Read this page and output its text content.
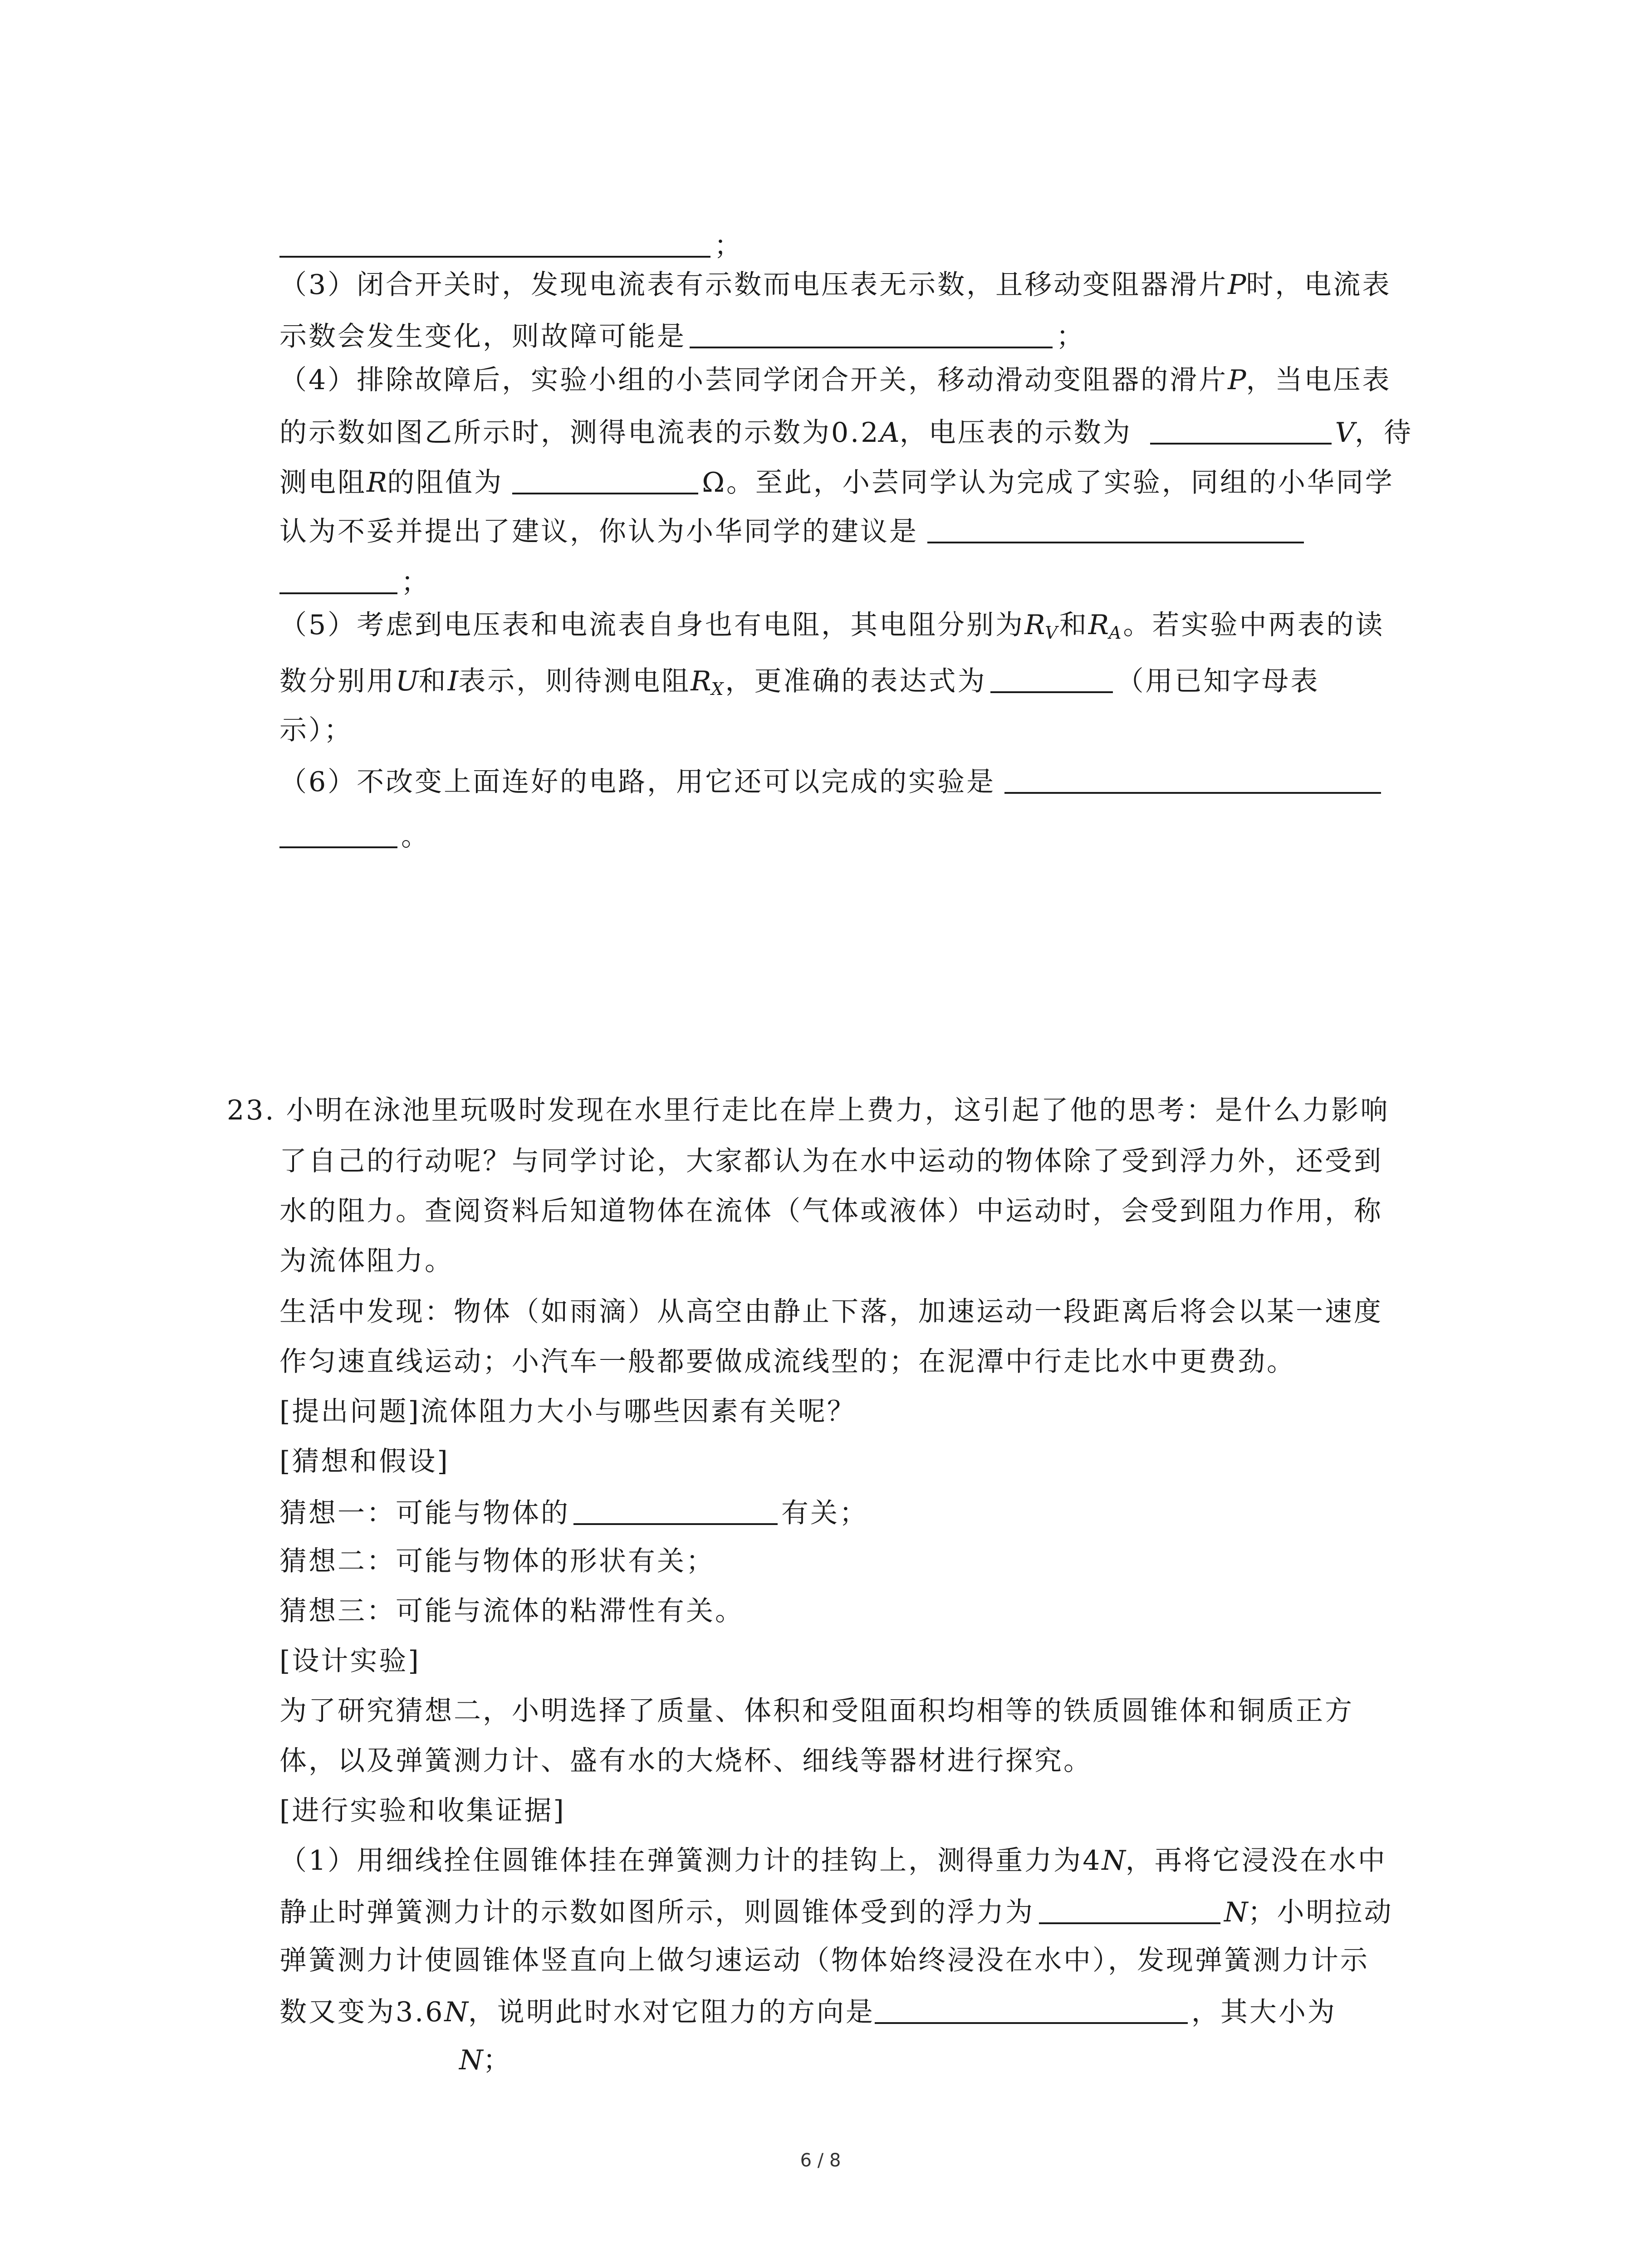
；
（3）闭合开关时，发现电流表有示数而电压表无示数，且移动变阻器滑片P时，电流表
示数会发生变化，则故障可能是	；
（4）排除故障后，实验小组的小芸同学闭合开关，移动滑动变阻器的滑片P，当电压表
的示数如图乙所示时，测得电流表的示数为0.2A，电压表的示数为	V，待
测电阻R的阻值为	Ω。至此，小芸同学认为完成了实验，同组的小华同学
认为不妥并提出了建议，你认为小华同学的建议是
；
（5）考虑到电压表和电流表自身也有电阻，其电阻分别为$R_V$和$R_A$。若实验中两表的读
数分别用U和I表示，则待测电阻$R_X$，更准确的表达式为	（用已知字母表
示）；
（6）不改变上面连好的电路，用它还可以完成的实验是
。
23. 小明在泳池里玩吸时发现在水里行走比在岸上费力，这引起了他的思考：是什么力影响
了自己的行动呢？与同学讨论，大家都认为在水中运动的物体除了受到浮力外，还受到
水的阻力。查阅资料后知道物体在流体（气体或液体）中运动时，会受到阻力作用，称
为流体阻力。
生活中发现：物体（如雨滴）从高空由静止下落，加速运动一段距离后将会以某一速度
作匀速直线运动；小汽车一般都要做成流线型的；在泥潭中行走比水中更费劲。
[提出问题]流体阻力大小与哪些因素有关呢？
[猜想和假设]
猜想一：可能与物体的	有关；
猜想二：可能与物体的形状有关；
猜想三：可能与流体的粘滞性有关。
[设计实验]
为了研究猜想二，小明选择了质量、体积和受阻面积均相等的铁质圆锥体和铜质正方
体，以及弹簧测力计、盛有水的大烧杯、细线等器材进行探究。
[进行实验和收集证据]
（1）用细线拴住圆锥体挂在弹簧测力计的挂钩上，测得重力为4N，再将它浸没在水中
静止时弹簧测力计的示数如图所示，则圆锥体受到的浮力为	N；小明拉动
弹簧测力计使圆锥体竖直向上做匀速运动（物体始终浸没在水中），发现弹簧测力计示
数又变为3.6N，说明此时水对它阻力的方向是	，其大小为
N；
6 / 8
